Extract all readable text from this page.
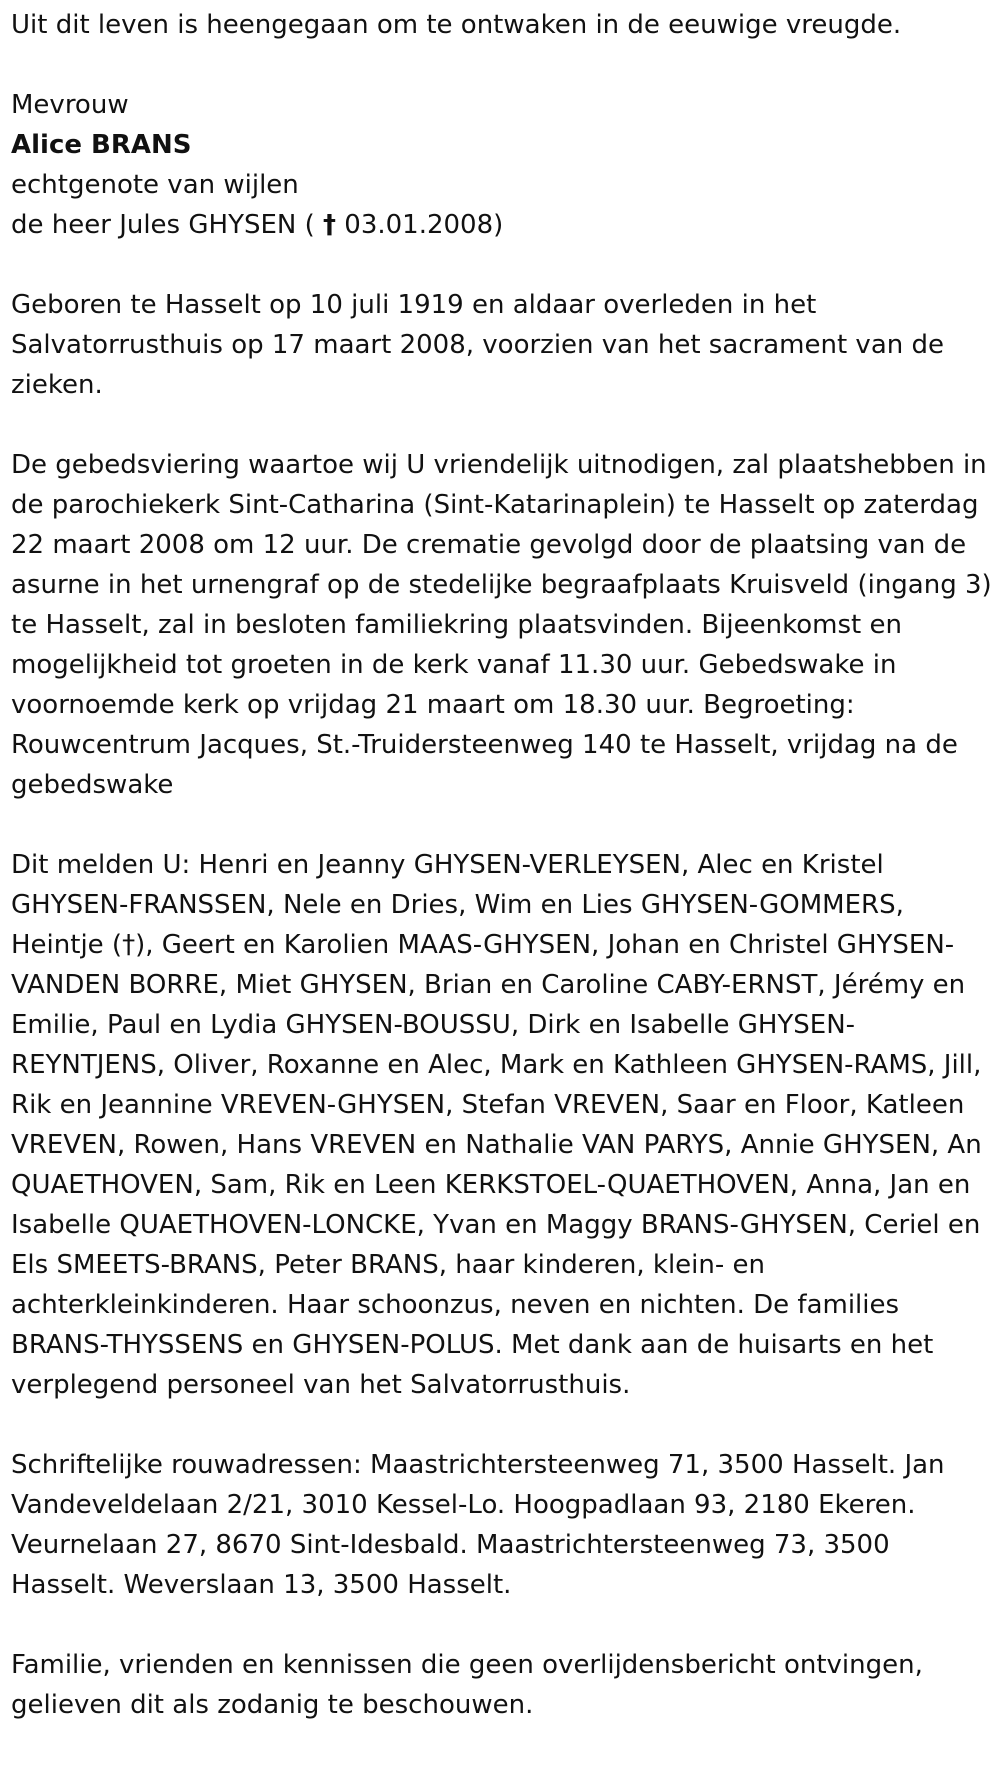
Uit dit leven is heengegaan om te ontwaken in de eeuwige vreugde.

Mevrouw
Alice BRANS
echtgenote van wijlen
de heer Jules GHYSEN ( † 03.01.2008)

Geboren te Hasselt op 10 juli 1919 en aldaar overleden in het Salvatorrusthuis op 17 maart 2008, voorzien van het sacrament van de zieken.

De gebedsviering waartoe wij U vriendelijk uitnodigen, zal plaatshebben in de parochiekerk Sint-Catharina (Sint-Katarinaplein) te Hasselt op zaterdag 22 maart 2008 om 12 uur. De crematie gevolgd door de plaatsing van de asurne in het urnengraf op de stedelijke begraafplaats Kruisveld (ingang 3) te Hasselt, zal in besloten familiekring plaatsvinden. Bijeenkomst en mogelijkheid tot groeten in de kerk vanaf 11.30 uur. Gebedswake in voornoemde kerk op vrijdag 21 maart om 18.30 uur. Begroeting: Rouwcentrum Jacques, St.-Truidersteenweg 140 te Hasselt, vrijdag na de gebedswake

Dit melden U: Henri en Jeanny GHYSEN-VERLEYSEN, Alec en Kristel GHYSEN-FRANSSEN, Nele en Dries, Wim en Lies GHYSEN-GOMMERS, Heintje (†), Geert en Karolien MAAS-GHYSEN, Johan en Christel GHYSEN-VANDEN BORRE, Miet GHYSEN, Brian en Caroline CABY-ERNST, Jérémy en Emilie, Paul en Lydia GHYSEN-BOUSSU, Dirk en Isabelle GHYSEN-REYNTJENS, Oliver, Roxanne en Alec, Mark en Kathleen GHYSEN-RAMS, Jill, Rik en Jeannine VREVEN-GHYSEN, Stefan VREVEN, Saar en Floor, Katleen VREVEN, Rowen, Hans VREVEN en Nathalie VAN PARYS, Annie GHYSEN, An QUAETHOVEN, Sam, Rik en Leen KERKSTOEL-QUAETHOVEN, Anna, Jan en Isabelle QUAETHOVEN-LONCKE, Yvan en Maggy BRANS-GHYSEN, Ceriel en Els SMEETS-BRANS, Peter BRANS, haar kinderen, klein- en achterkleinkinderen. Haar schoonzus, neven en nichten. De families BRANS-THYSSENS en GHYSEN-POLUS. Met dank aan de huisarts en het verplegend personeel van het Salvatorrusthuis.

Schriftelijke rouwadressen: Maastrichtersteenweg 71, 3500 Hasselt. Jan Vandeveldelaan 2/21, 3010 Kessel-Lo. Hoogpadlaan 93, 2180 Ekeren. Veurnelaan 27, 8670 Sint-Idesbald. Maastrichtersteenweg 73, 3500 Hasselt. Weverslaan 13, 3500 Hasselt.

Familie, vrienden en kennissen die geen overlijdensbericht ontvingen, gelieven dit als zodanig te beschouwen.
